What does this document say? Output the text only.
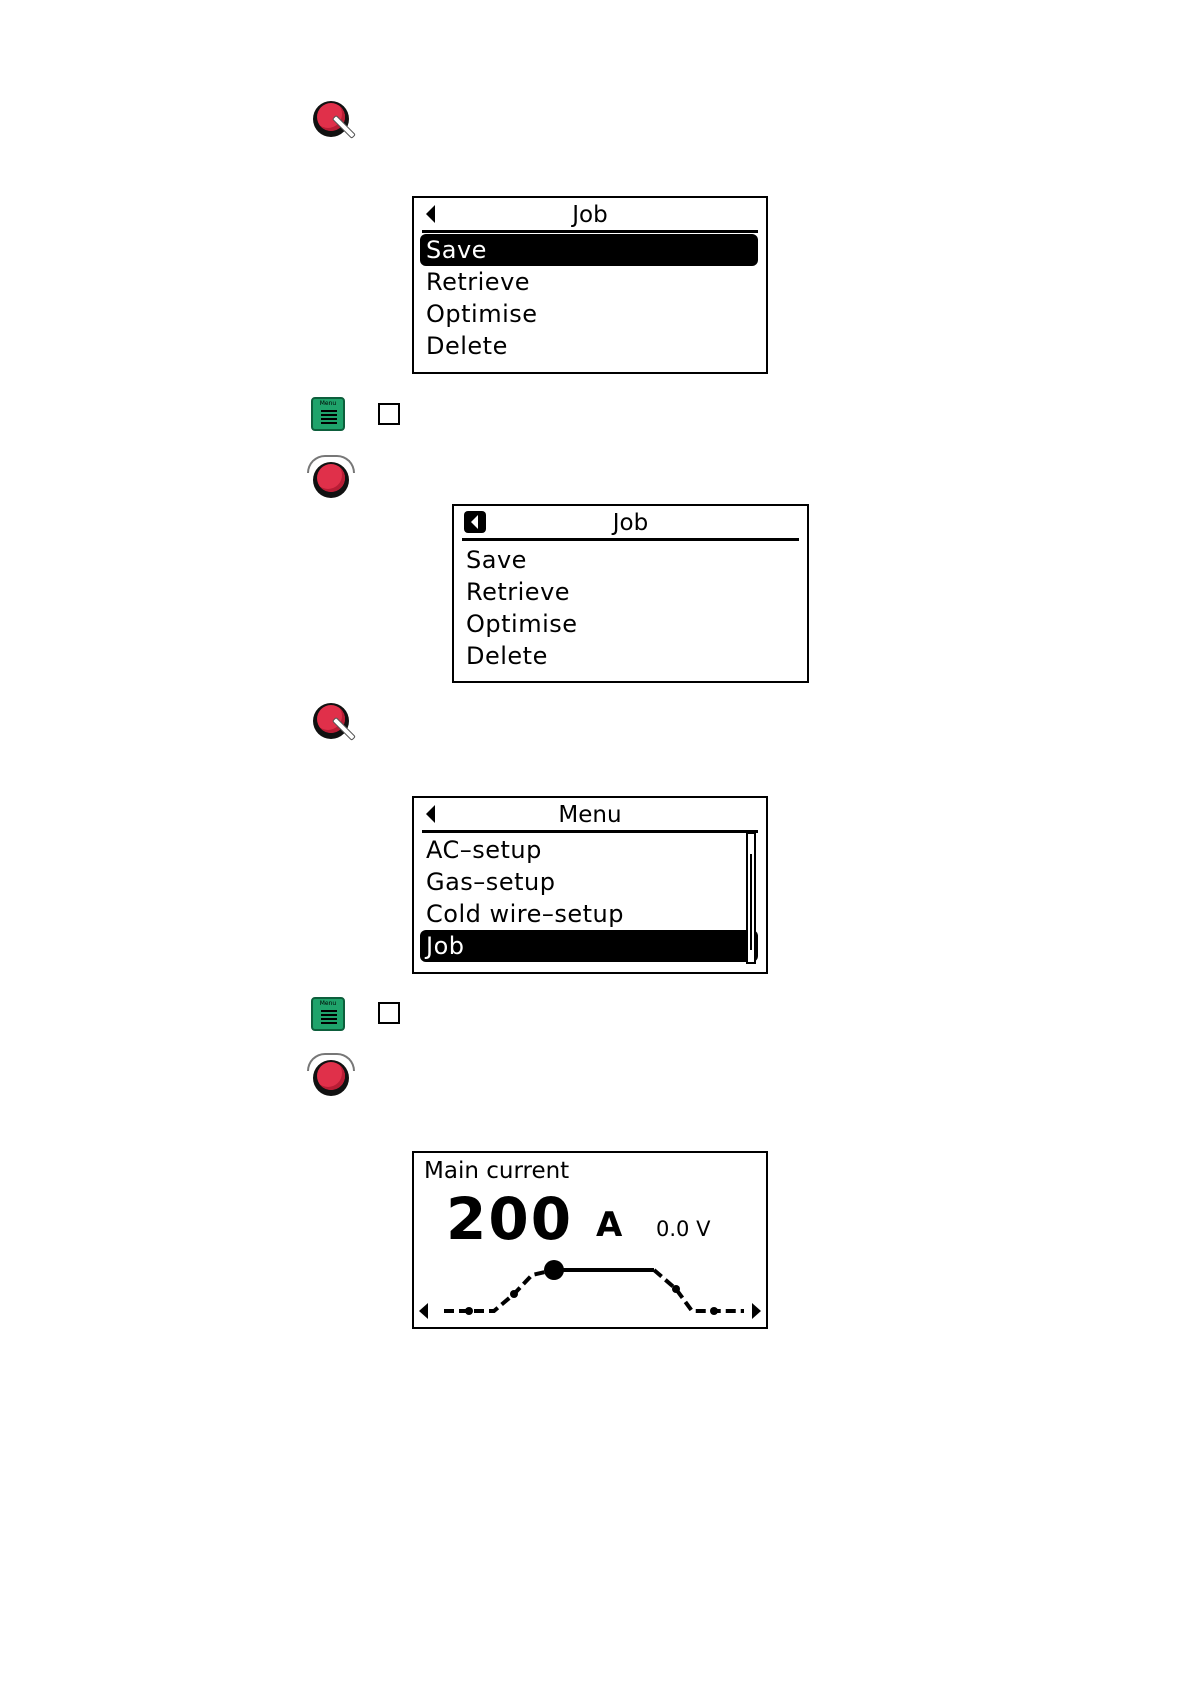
Job
Save
Retrieve
Optimise
Delete
Menu
Job
Save
Retrieve
Optimise
Delete
Menu
AC–setup
Gas–setup
Cold wire–setup
Job
Menu
Main current
200 A 0.0 V
